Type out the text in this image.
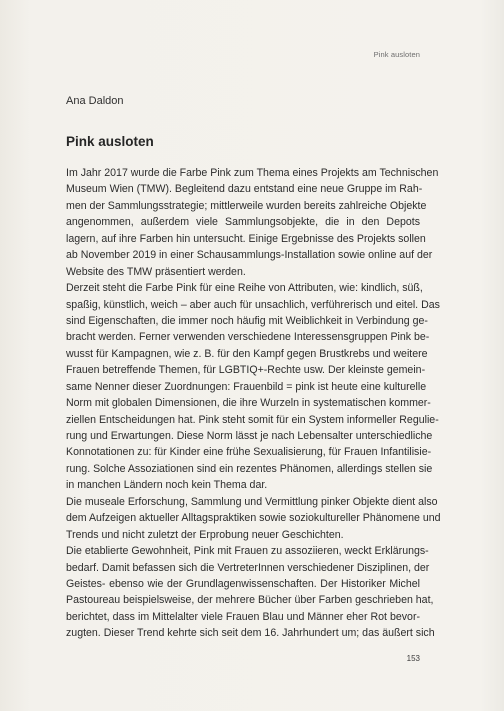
Pink ausloten
Ana Daldon
Pink ausloten
Im Jahr 2017 wurde die Farbe Pink zum Thema eines Projekts am Technischen
Museum Wien (TMW). Begleitend dazu entstand eine neue Gruppe im Rah-
men der Sammlungsstrategie; mittlerweile wurden bereits zahlreiche Objekte
angenommen, außerdem viele Sammlungsobjekte, die in den Depots
lagern, auf ihre Farben hin untersucht. Einige Ergebnisse des Projekts sollen
ab November 2019 in einer Schausammlungs-Installation sowie online auf der
Website des TMW präsentiert werden.
Derzeit steht die Farbe Pink für eine Reihe von Attributen, wie: kindlich, süß,
spaßig, künstlich, weich – aber auch für unsachlich, verführerisch und eitel. Das
sind Eigenschaften, die immer noch häufig mit Weiblichkeit in Verbindung ge-
bracht werden. Ferner verwenden verschiedene Interessensgruppen Pink be-
wusst für Kampagnen, wie z. B. für den Kampf gegen Brustkrebs und weitere
Frauen betreffende Themen, für LGBTIQ+-Rechte usw. Der kleinste gemein-
same Nenner dieser Zuordnungen: Frauenbild = pink ist heute eine kulturelle
Norm mit globalen Dimensionen, die ihre Wurzeln in systematischen kommer-
ziellen Entscheidungen hat. Pink steht somit für ein System informeller Regulie-
rung und Erwartungen. Diese Norm lässt je nach Lebensalter unterschiedliche
Konnotationen zu: für Kinder eine frühe Sexualisierung, für Frauen Infantilisie-
rung. Solche Assoziationen sind ein rezentes Phänomen, allerdings stellen sie
in manchen Ländern noch kein Thema dar.
Die museale Erforschung, Sammlung und Vermittlung pinker Objekte dient also
dem Aufzeigen aktueller Alltagspraktiken sowie soziokultureller Phänomene und
Trends und nicht zuletzt der Erprobung neuer Geschichten.
Die etablierte Gewohnheit, Pink mit Frauen zu assoziieren, weckt Erklärungs-
bedarf. Damit befassen sich die VertreterInnen verschiedener Disziplinen, der
Geistes- ebenso wie der Grundlagenwissenschaften. Der Historiker Michel
Pastoureau beispielsweise, der mehrere Bücher über Farben geschrieben hat,
berichtet, dass im Mittelalter viele Frauen Blau und Männer eher Rot bevor-
zugten. Dieser Trend kehrte sich seit dem 16. Jahrhundert um; das äußert sich
153
